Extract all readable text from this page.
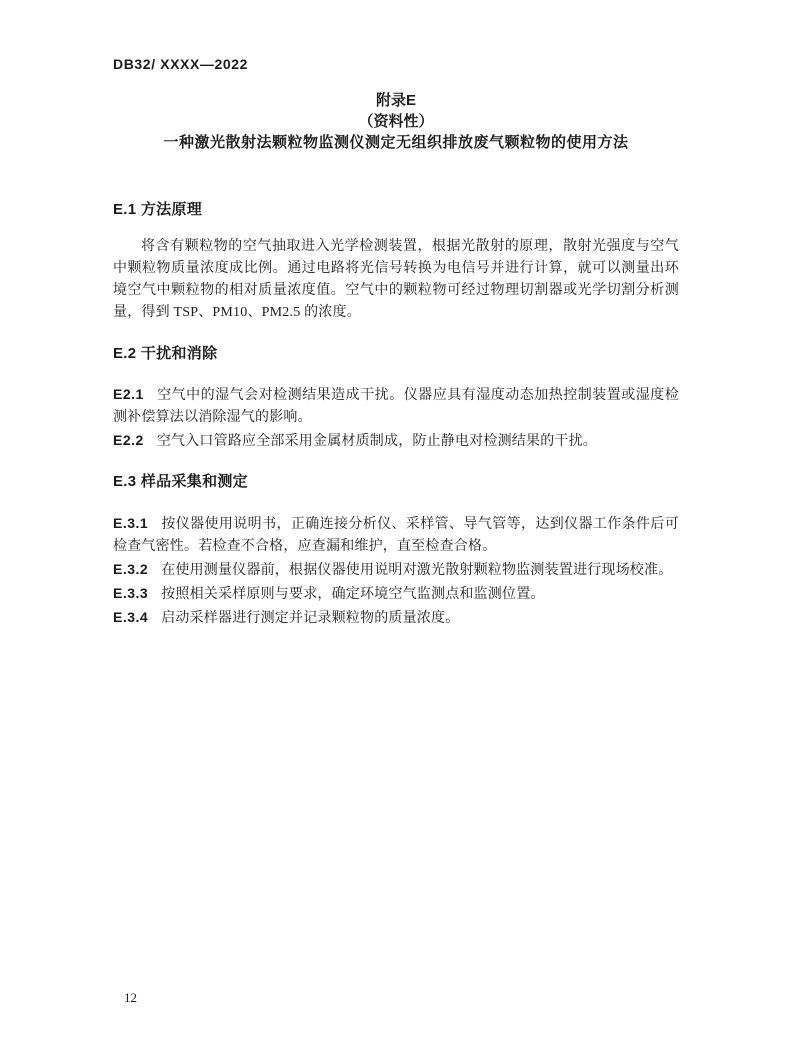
DB32/ XXXX—2022
附录E
（资料性）
一种激光散射法颗粒物监测仪测定无组织排放废气颗粒物的使用方法
E.1 方法原理

将含有颗粒物的空气抽取进入光学检测装置，根据光散射的原理，散射光强度与空气中颗粒物质量浓度成比例。通过电路将光信号转换为电信号并进行计算，就可以测量出环境空气中颗粒物的相对质量浓度值。空气中的颗粒物可经过物理切割器或光学切割分析测量，得到 TSP、PM10、PM2.5 的浓度。

E.2 干扰和消除

E2.1 空气中的湿气会对检测结果造成干扰。仪器应具有湿度动态加热控制装置或湿度检测补偿算法以消除湿气的影响。

E2.2 空气入口管路应全部采用金属材质制成，防止静电对检测结果的干扰。

E.3 样品采集和测定

E.3.1 按仪器使用说明书，正确连接分析仪、采样管、导气管等，达到仪器工作条件后可检查气密性。若检查不合格，应查漏和维护，直至检查合格。

E.3.2 在使用测量仪器前，根据仪器使用说明对激光散射颗粒物监测装置进行现场校准。

E.3.3 按照相关采样原则与要求，确定环境空气监测点和监测位置。

E.3.4 启动采样器进行测定并记录颗粒物的质量浓度。

12
